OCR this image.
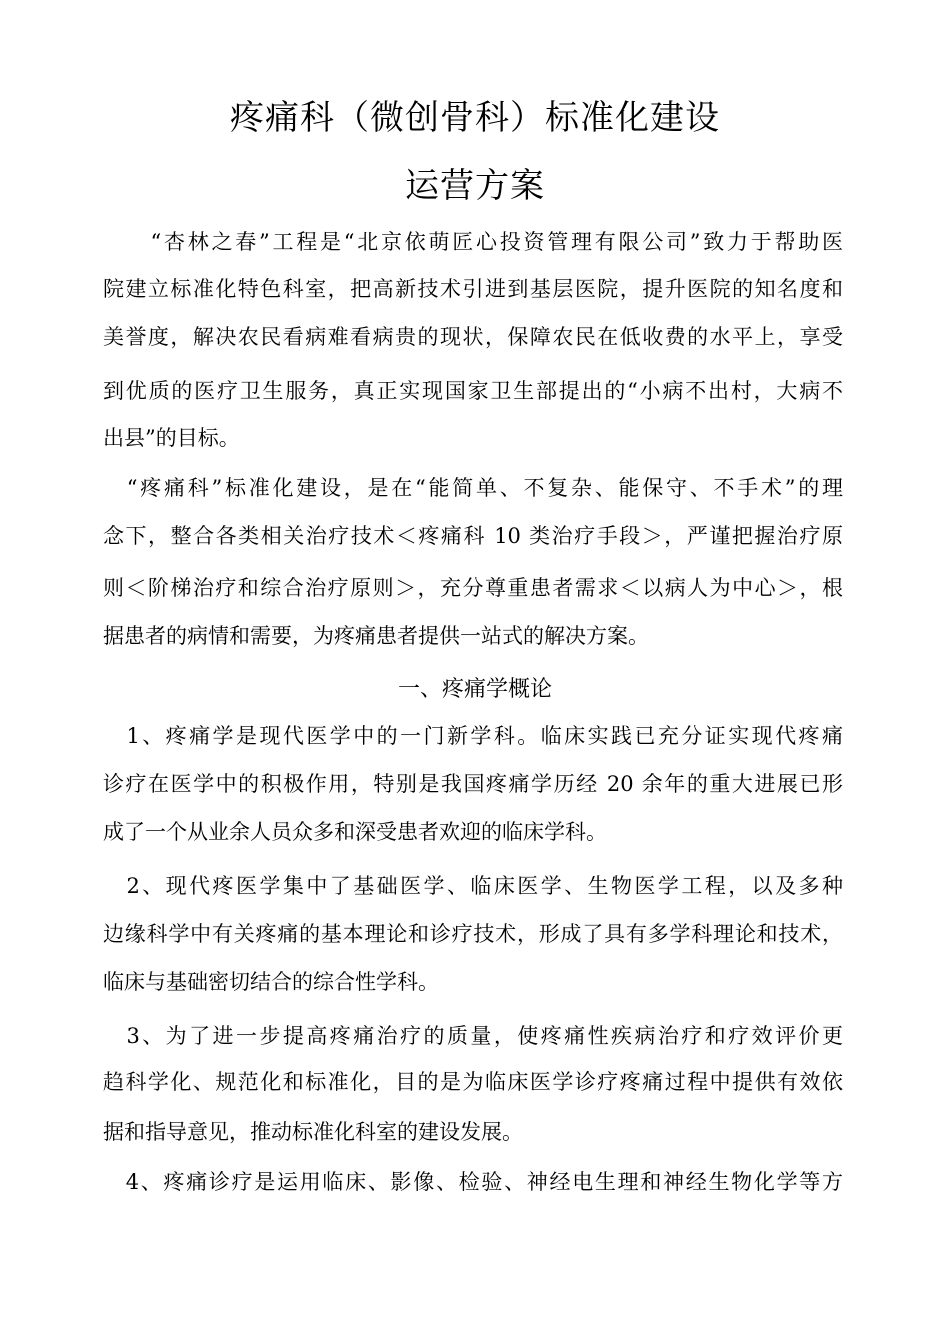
疼痛科（微创骨科）标准化建设
运营方案
　　“杏林之春”工程是“北京依萌匠心投资管理有限公司”致力于帮助医
院建立标准化特色科室，把高新技术引进到基层医院，提升医院的知名度和
美誉度，解决农民看病难看病贵的现状，保障农民在低收费的水平上，享受
到优质的医疗卫生服务，真正实现国家卫生部提出的“小病不出村，大病不
出县”的目标。
　“疼痛科”标准化建设，是在“能简单、不复杂、能保守、不手术”的理
念下，整合各类相关治疗技术＜疼痛科 10 类治疗手段＞，严谨把握治疗原
则＜阶梯治疗和综合治疗原则＞，充分尊重患者需求＜以病人为中心＞，根
据患者的病情和需要，为疼痛患者提供一站式的解决方案。
一、疼痛学概论
　1、疼痛学是现代医学中的一门新学科。临床实践已充分证实现代疼痛
诊疗在医学中的积极作用，特别是我国疼痛学历经 20 余年的重大进展已形
成了一个从业余人员众多和深受患者欢迎的临床学科。
　2、现代疼医学集中了基础医学、临床医学、生物医学工程，以及多种
边缘科学中有关疼痛的基本理论和诊疗技术，形成了具有多学科理论和技术，
临床与基础密切结合的综合性学科。
　3、为了进一步提高疼痛治疗的质量，使疼痛性疾病治疗和疗效评价更
趋科学化、规范化和标准化，目的是为临床医学诊疗疼痛过程中提供有效依
据和指导意见，推动标准化科室的建设发展。
　4、疼痛诊疗是运用临床、影像、检验、神经电生理和神经生物化学等方
